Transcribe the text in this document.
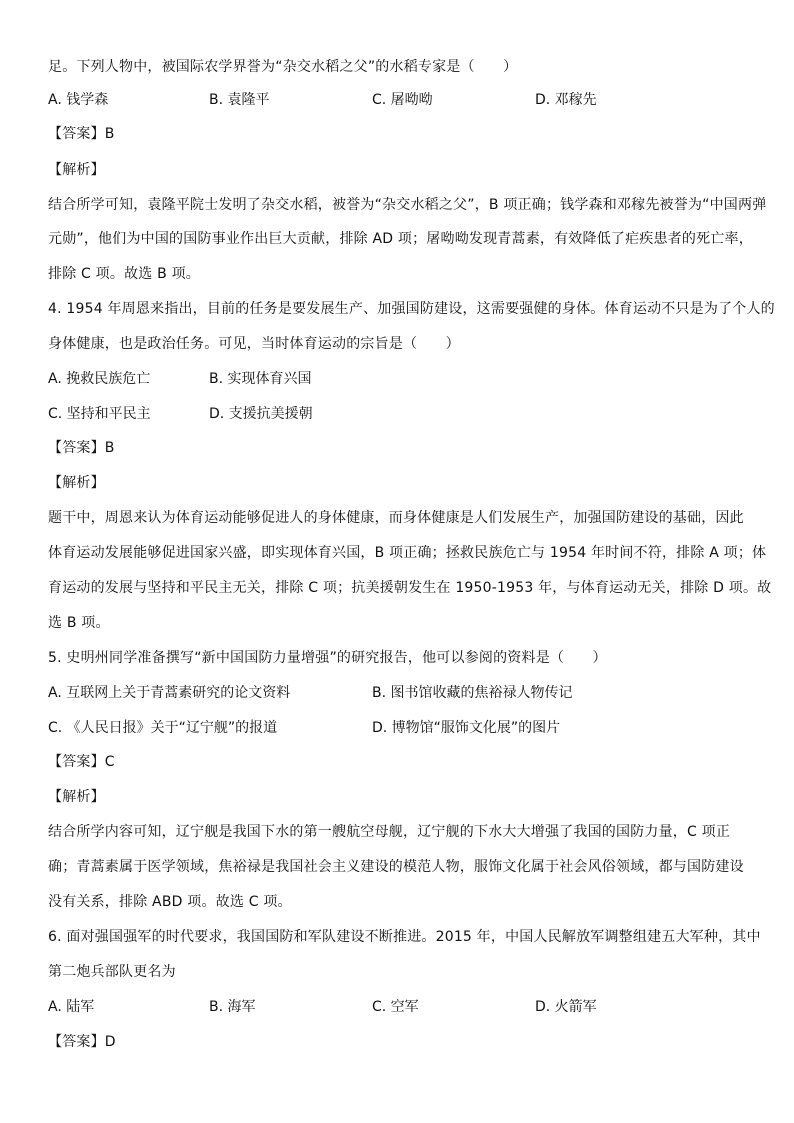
足。下列人物中，被国际农学界誉为“杂交水稻之父”的水稻专家是（　　）
A. 钱学森	B. 袁隆平	C. 屠呦呦	D. 邓稼先
【答案】B
【解析】
结合所学可知，袁隆平院士发明了杂交水稻，被誉为“杂交水稻之父”，B 项正确；钱学森和邓稼先被誉为“中国两弹
元勋”，他们为中国的国防事业作出巨大贡献，排除 AD 项；屠呦呦发现青蒿素，有效降低了疟疾患者的死亡率，
排除 C 项。故选 B 项。
4. 1954 年周恩来指出，目前的任务是要发展生产、加强国防建设，这需要强健的身体。体育运动不只是为了个人的
身体健康，也是政治任务。可见，当时体育运动的宗旨是（　　）
A. 挽救民族危亡	B. 实现体育兴国
C. 坚持和平民主	D. 支援抗美援朝
【答案】B
【解析】
题干中，周恩来认为体育运动能够促进人的身体健康，而身体健康是人们发展生产，加强国防建设的基础，因此
体育运动发展能够促进国家兴盛，即实现体育兴国，B 项正确；拯救民族危亡与 1954 年时间不符，排除 A 项；体
育运动的发展与坚持和平民主无关，排除 C 项；抗美援朝发生在 1950-1953 年，与体育运动无关，排除 D 项。故
选 B 项。
5. 史明州同学准备撰写“新中国国防力量增强”的研究报告，他可以参阅的资料是（　　）
A. 互联网上关于青蒿素研究的论文资料	B. 图书馆收藏的焦裕禄人物传记
C. 《人民日报》关于“辽宁舰”的报道	D. 博物馆“服饰文化展”的图片
【答案】C
【解析】
结合所学内容可知，辽宁舰是我国下水的第一艘航空母舰，辽宁舰的下水大大增强了我国的国防力量，C 项正
确；青蒿素属于医学领域，焦裕禄是我国社会主义建设的模范人物，服饰文化属于社会风俗领域，都与国防建设
没有关系，排除 ABD 项。故选 C 项。
6. 面对强国强军的时代要求，我国国防和军队建设不断推进。2015 年，中国人民解放军调整组建五大军种，其中
第二炮兵部队更名为
A. 陆军	B. 海军	C. 空军	D. 火箭军
【答案】D
